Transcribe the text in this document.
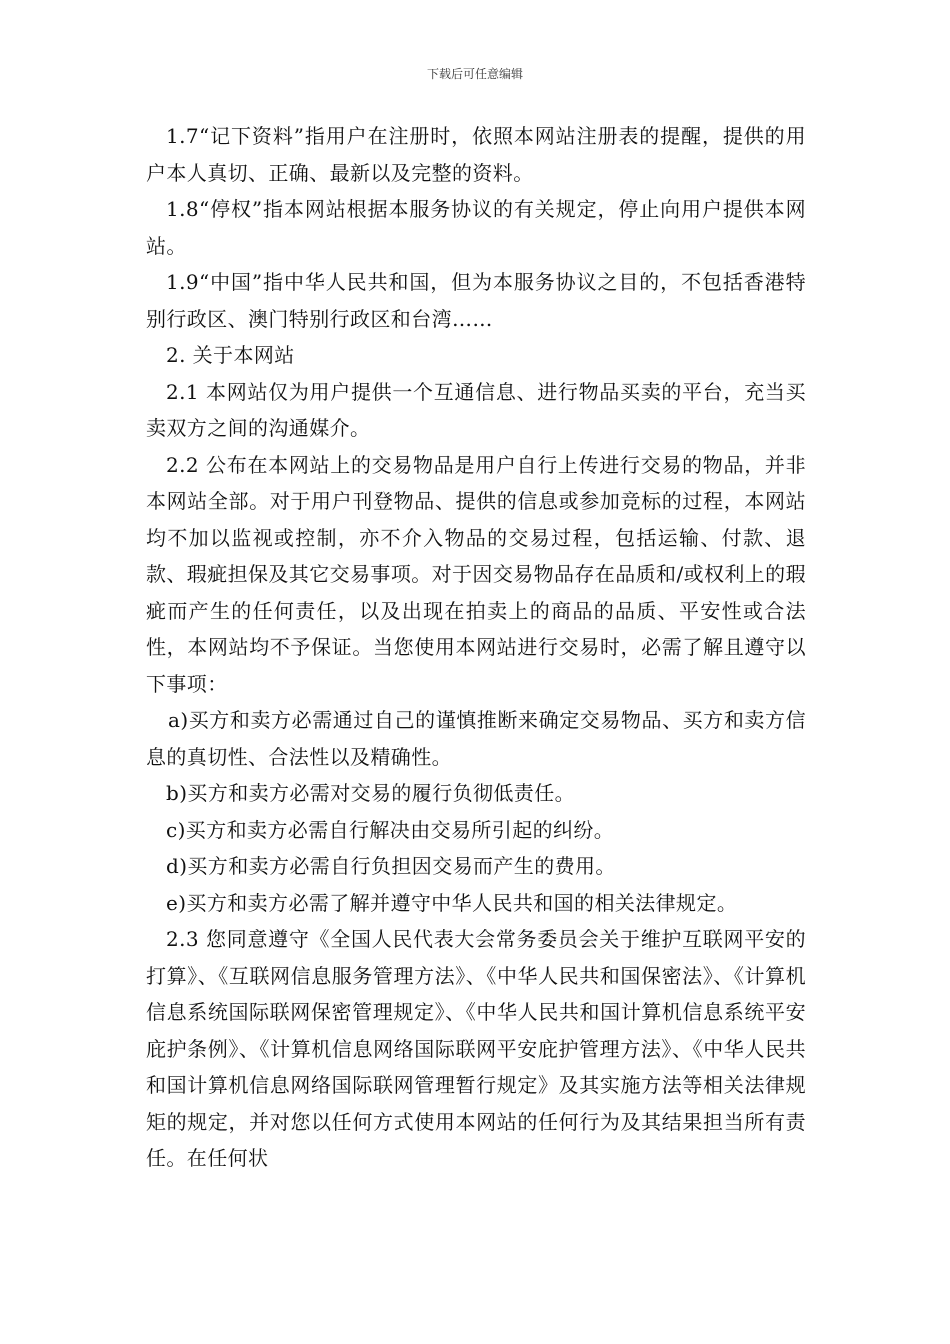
下载后可任意编辑

1.7“记下资料”指用户在注册时，依照本网站注册表的提醒，提供的用户本人真切、正确、最新以及完整的资料。

1.8“停权”指本网站根据本服务协议的有关规定，停止向用户提供本网站。

1.9“中国”指中华人民共和国，但为本服务协议之目的，不包括香港特别行政区、澳门特别行政区和台湾……

2. 关于本网站

2.1 本网站仅为用户提供一个互通信息、进行物品买卖的平台，充当买卖双方之间的沟通媒介。

2.2 公布在本网站上的交易物品是用户自行上传进行交易的物品，并非本网站全部。对于用户刊登物品、提供的信息或参加竞标的过程，本网站均不加以监视或控制，亦不介入物品的交易过程，包括运输、付款、退款、瑕疵担保及其它交易事项。对于因交易物品存在品质和/或权利上的瑕疵而产生的任何责任，以及出现在拍卖上的商品的品质、平安性或合法性，本网站均不予保证。当您使用本网站进行交易时，必需了解且遵守以下事项：

a)买方和卖方必需通过自己的谨慎推断来确定交易物品、买方和卖方信息的真切性、合法性以及精确性。

b)买方和卖方必需对交易的履行负彻低责任。

c)买方和卖方必需自行解决由交易所引起的纠纷。

d)买方和卖方必需自行负担因交易而产生的费用。

e)买方和卖方必需了解并遵守中华人民共和国的相关法律规定。

2.3 您同意遵守《全国人民代表大会常务委员会关于维护互联网平安的打算》、《互联网信息服务管理方法》、《中华人民共和国保密法》、《计算机信息系统国际联网保密管理规定》、《中华人民共和国计算机信息系统平安庇护条例》、《计算机信息网络国际联网平安庇护管理方法》、《中华人民共和国计算机信息网络国际联网管理暂行规定》及其实施方法等相关法律规矩的规定，并对您以任何方式使用本网站的任何行为及其结果担当所有责任。在任何状
